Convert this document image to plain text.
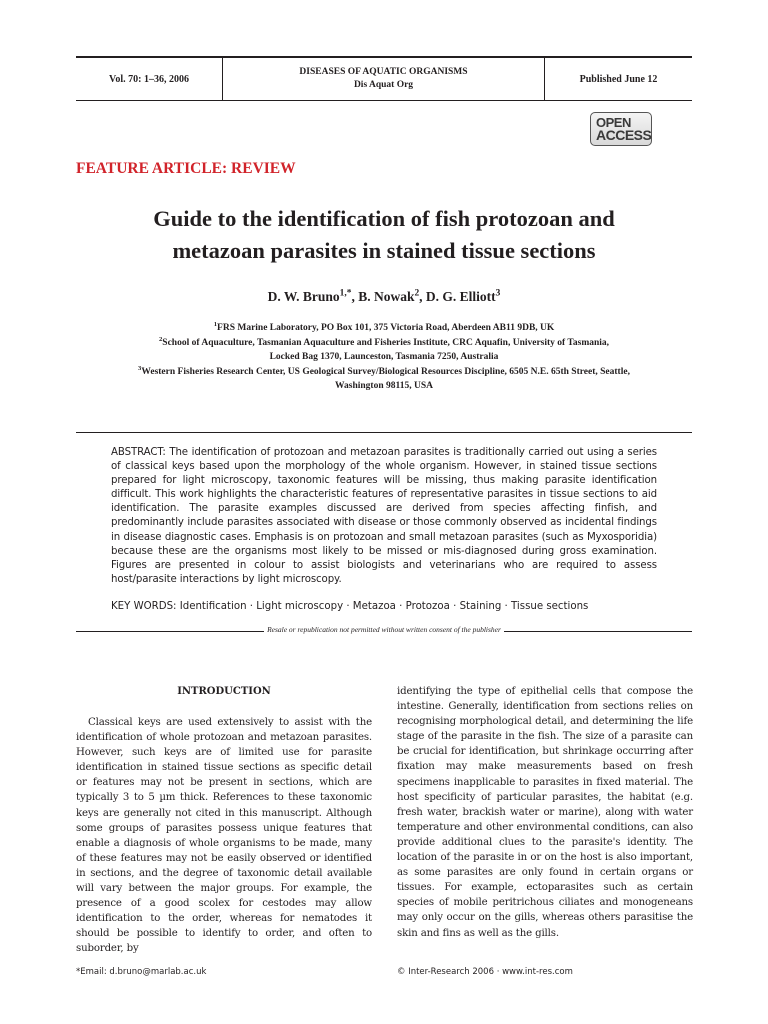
Vol. 70: 1–36, 2006
DISEASES OF AQUATIC ORGANISMS
Dis Aquat Org
Published June 12
OPEN
ACCESS
FEATURE ARTICLE: REVIEW
Guide to the identification of fish protozoan and
metazoan parasites in stained tissue sections
D. W. Bruno$^{1,*}$, B. Nowak$^2$, D. G. Elliott$^3$
$^1$FRS Marine Laboratory, PO Box 101, 375 Victoria Road, Aberdeen AB11 9DB, UK
$^2$School of Aquaculture, Tasmanian Aquaculture and Fisheries Institute, CRC Aquafin, University of Tasmania,
Locked Bag 1370, Launceston, Tasmania 7250, Australia
$^3$Western Fisheries Research Center, US Geological Survey/Biological Resources Discipline, 6505 N.E. 65th Street, Seattle,
Washington 98115, USA
ABSTRACT: The identification of protozoan and metazoan parasites is traditionally carried out using a series of classical keys based upon the morphology of the whole organism. However, in stained tissue sections prepared for light microscopy, taxonomic features will be missing, thus making parasite identification difficult. This work highlights the characteristic features of representative parasites in tissue sections to aid identification. The parasite examples discussed are derived from species affecting finfish, and predominantly include parasites associated with disease or those commonly observed as incidental findings in disease diagnostic cases. Emphasis is on protozoan and small metazoan parasites (such as Myxosporidia) because these are the organisms most likely to be missed or mis-diagnosed during gross examination. Figures are presented in colour to assist biologists and veterinarians who are required to assess host/parasite interactions by light microscopy.
KEY WORDS: Identification · Light microscopy · Metazoa · Protozoa · Staining · Tissue sections
Resale or republication not permitted without written consent of the publisher
INTRODUCTION
Classical keys are used extensively to assist with the identification of whole protozoan and metazoan parasites. However, such keys are of limited use for parasite identification in stained tissue sections as specific detail or features may not be present in sections, which are typically 3 to 5 µm thick. References to these taxonomic keys are generally not cited in this manuscript. Although some groups of parasites possess unique features that enable a diagnosis of whole organisms to be made, many of these features may not be easily observed or identified in sections, and the degree of taxonomic detail available will vary between the major groups. For example, the presence of a good scolex for cestodes may allow identification to the order, whereas for nematodes it should be possible to identify to order, and often to suborder, by
identifying the type of epithelial cells that compose the intestine. Generally, identification from sections relies on recognising morphological detail, and determining the life stage of the parasite in the fish. The size of a parasite can be crucial for identification, but shrinkage occurring after fixation may make measurements based on fresh specimens inapplicable to parasites in fixed material. The host specificity of particular parasites, the habitat (e.g. fresh water, brackish water or marine), along with water temperature and other environmental conditions, can also provide additional clues to the parasite's identity. The location of the parasite in or on the host is also important, as some parasites are only found in certain organs or tissues. For example, ectoparasites such as certain species of mobile peritrichous ciliates and monogeneans may only occur on the gills, whereas others parasitise the skin and fins as well as the gills.
*Email: d.bruno@marlab.ac.uk	© Inter-Research 2006 · www.int-res.com
